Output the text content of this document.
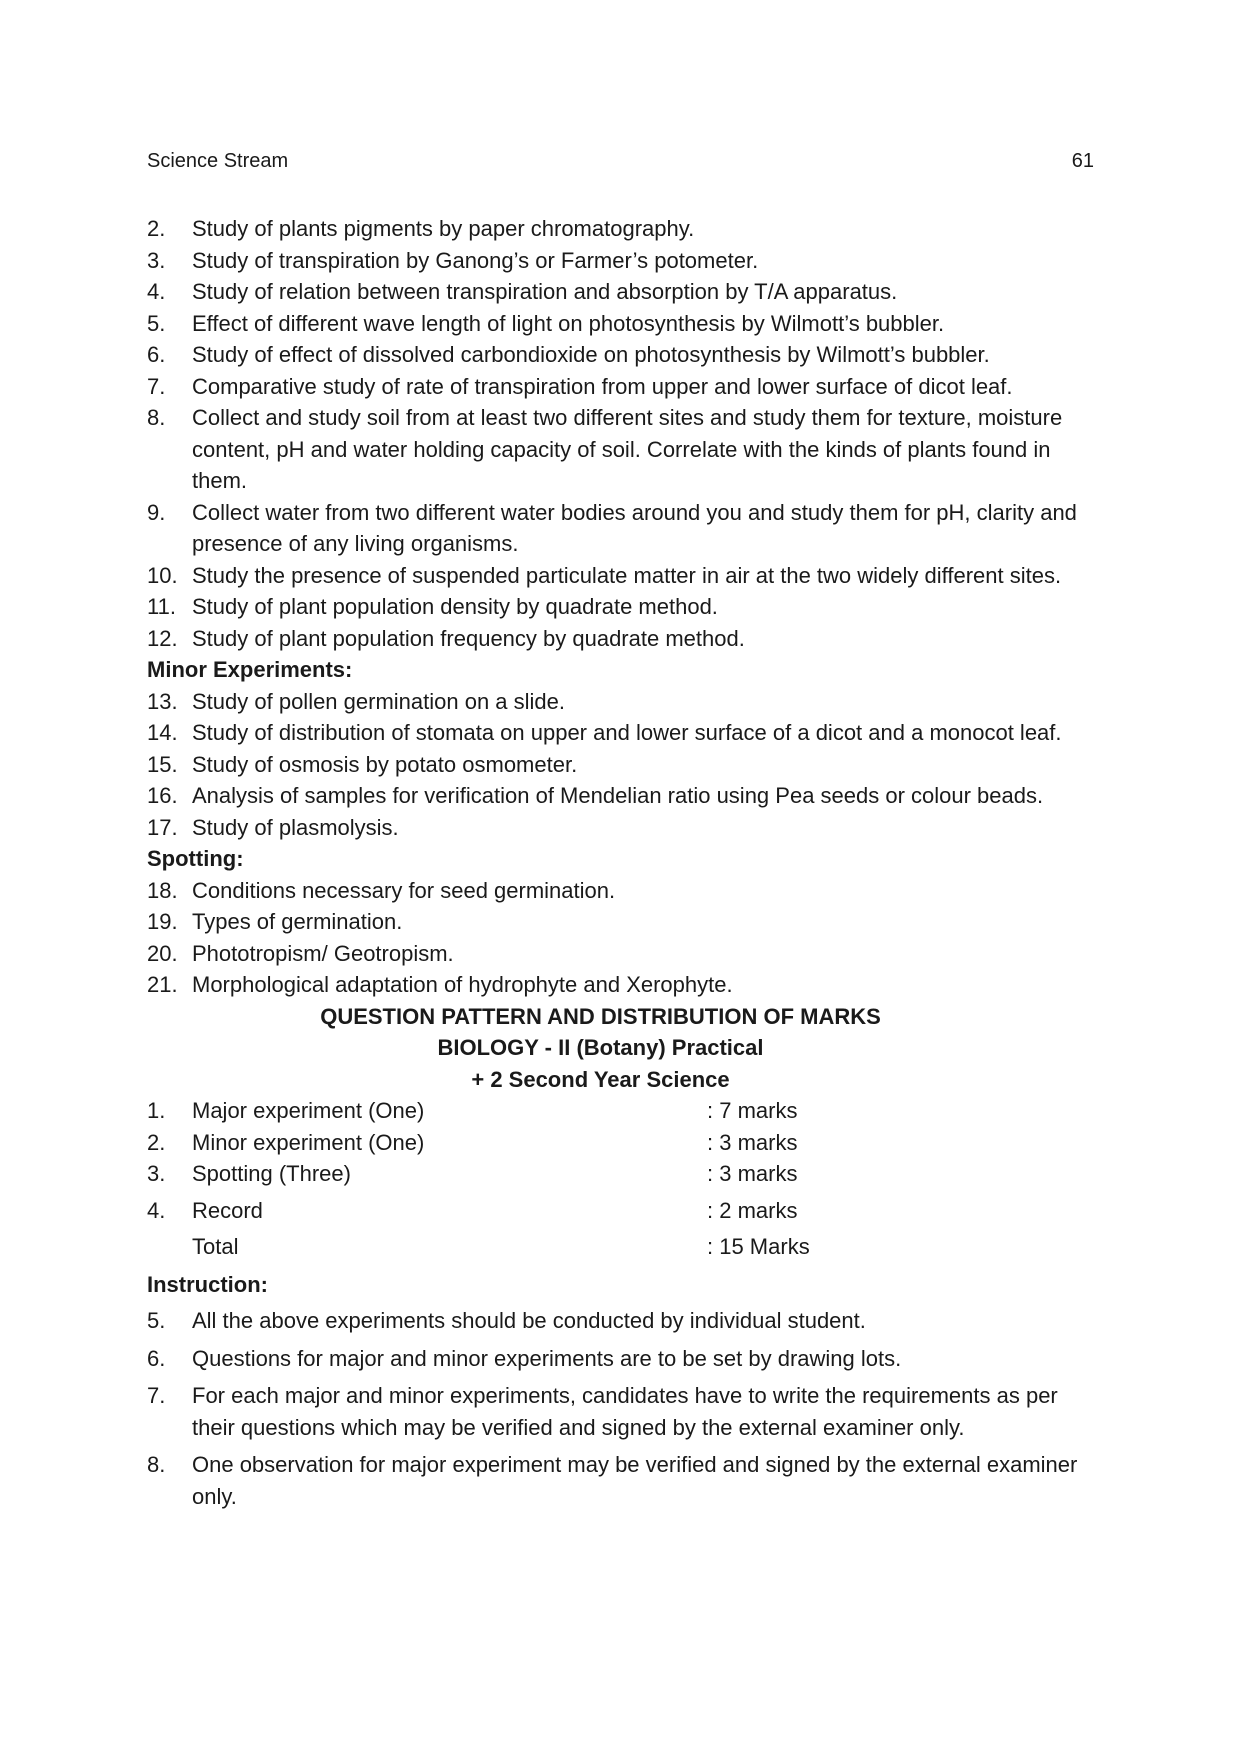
Science Stream	61
2.	Study of plants pigments by paper chromatography.
3.	Study of transpiration by Ganong’s or Farmer’s potometer.
4.	Study of relation between transpiration and absorption by T/A apparatus.
5.	Effect of different wave length of light on photosynthesis by Wilmott’s bubbler.
6.	Study of effect of dissolved carbondioxide on photosynthesis by Wilmott’s bubbler.
7.	Comparative study of rate of transpiration from upper and lower surface of dicot leaf.
8.	Collect and study soil from at least two different sites and study them for texture, moisture content, pH and water holding capacity of soil. Correlate with the kinds of plants found in them.
9.	Collect water from two different water bodies around you and study them for pH, clarity and presence of any living organisms.
10. Study the presence of suspended particulate matter in air at the two widely different sites.
11. Study of plant population density by quadrate method.
12. Study of plant population frequency by quadrate method.
Minor Experiments:
13. Study of pollen germination on a slide.
14. Study of distribution of stomata on upper and lower surface of a dicot and a monocot leaf.
15. Study of osmosis by potato osmometer.
16. Analysis of samples for verification of Mendelian ratio using Pea seeds or colour beads.
17. Study of plasmolysis.
Spotting:
18. Conditions necessary for seed germination.
19. Types of germination.
20. Phototropism/ Geotropism.
21. Morphological adaptation of hydrophyte and Xerophyte.
QUESTION PATTERN AND DISTRIBUTION OF MARKS
BIOLOGY - II (Botany) Practical
+ 2 Second Year Science
1.	Major experiment (One)	: 7 marks
2.	Minor experiment (One)	: 3 marks
3.	Spotting (Three)	: 3 marks
4.	Record	: 2 marks
Total	: 15 Marks
Instruction:
5.	All the above experiments should be conducted by individual student.
6.	Questions for major and minor experiments are to be set by drawing lots.
7.	For each major and minor experiments, candidates have to write the requirements as per their questions which may be verified and signed by the external examiner only.
8.	One observation for major experiment may be verified and signed by the external examiner only.
